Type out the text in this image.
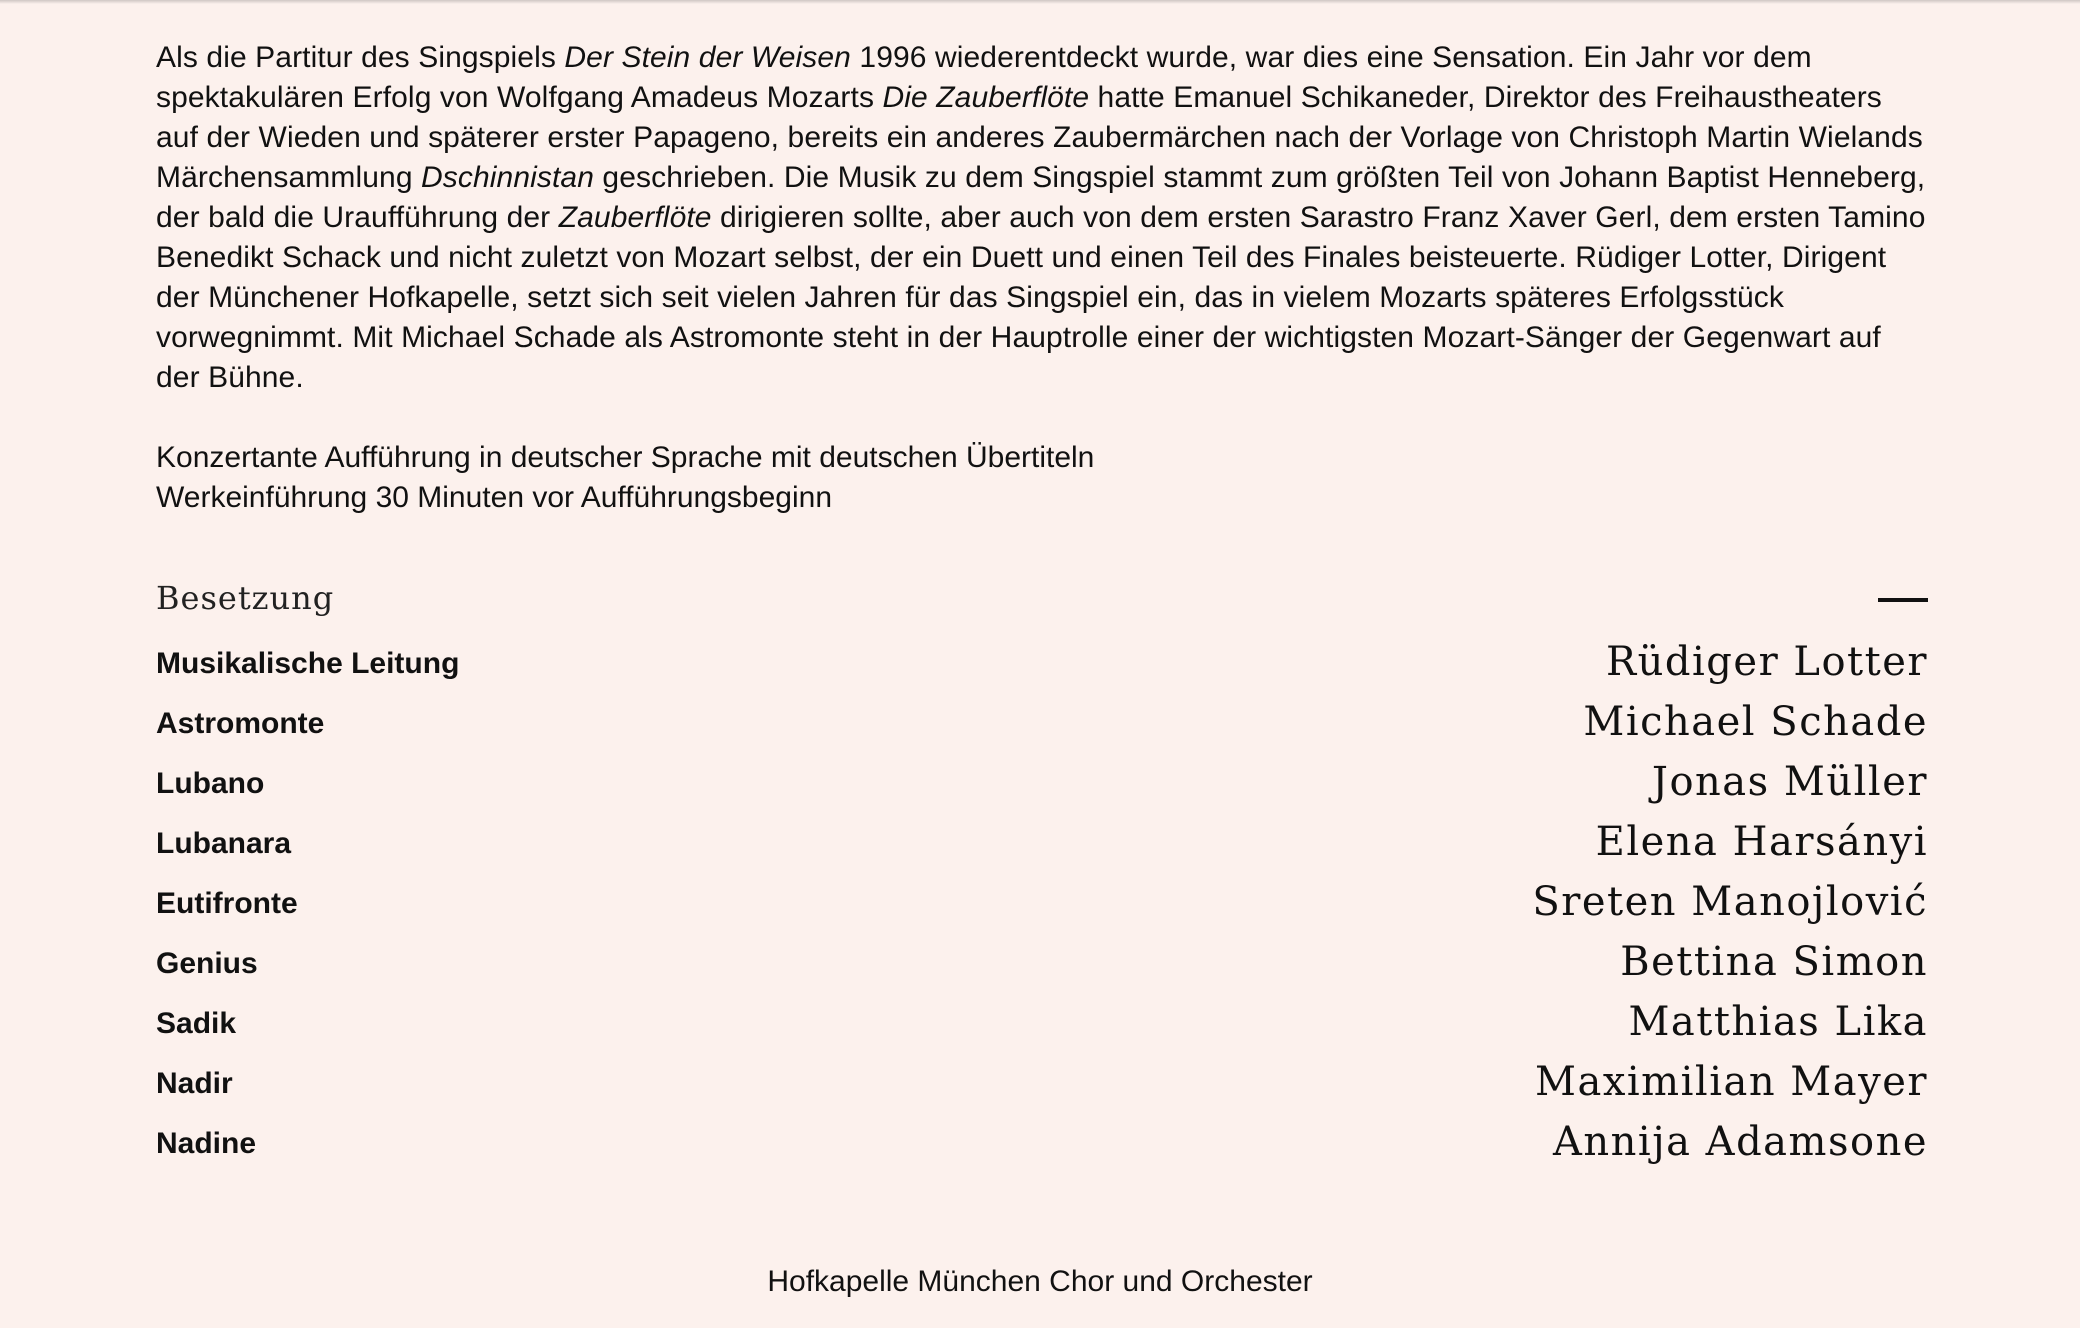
Als die Partitur des Singspiels Der Stein der Weisen 1996 wiederentdeckt wurde, war dies eine Sensation. Ein Jahr vor dem spektakulären Erfolg von Wolfgang Amadeus Mozarts Die Zauberflöte hatte Emanuel Schikaneder, Direktor des Freihaustheaters auf der Wieden und späterer erster Papageno, bereits ein anderes Zaubermärchen nach der Vorlage von Christoph Martin Wielands Märchensammlung Dschinnistan geschrieben. Die Musik zu dem Singspiel stammt zum größten Teil von Johann Baptist Henneberg, der bald die Uraufführung der Zauberflöte dirigieren sollte, aber auch von dem ersten Sarastro Franz Xaver Gerl, dem ersten Tamino Benedikt Schack und nicht zuletzt von Mozart selbst, der ein Duett und einen Teil des Finales beisteuerte. Rüdiger Lotter, Dirigent der Münchener Hofkapelle, setzt sich seit vielen Jahren für das Singspiel ein, das in vielem Mozarts späteres Erfolgsstück vorwegnimmt. Mit Michael Schade als Astromonte steht in der Hauptrolle einer der wichtigsten Mozart-Sänger der Gegenwart auf der Bühne.

Konzertante Aufführung in deutscher Sprache mit deutschen Übertiteln
Werkeinführung 30 Minuten vor Aufführungsbeginn
Besetzung
Musikalische Leitung	Rüdiger Lotter
Astromonte	Michael Schade
Lubano	Jonas Müller
Lubanara	Elena Harsányi
Eutifronte	Sreten Manojlović
Genius	Bettina Simon
Sadik	Matthias Lika
Nadir	Maximilian Mayer
Nadine	Annija Adamsone
Hofkapelle München Chor und Orchester
